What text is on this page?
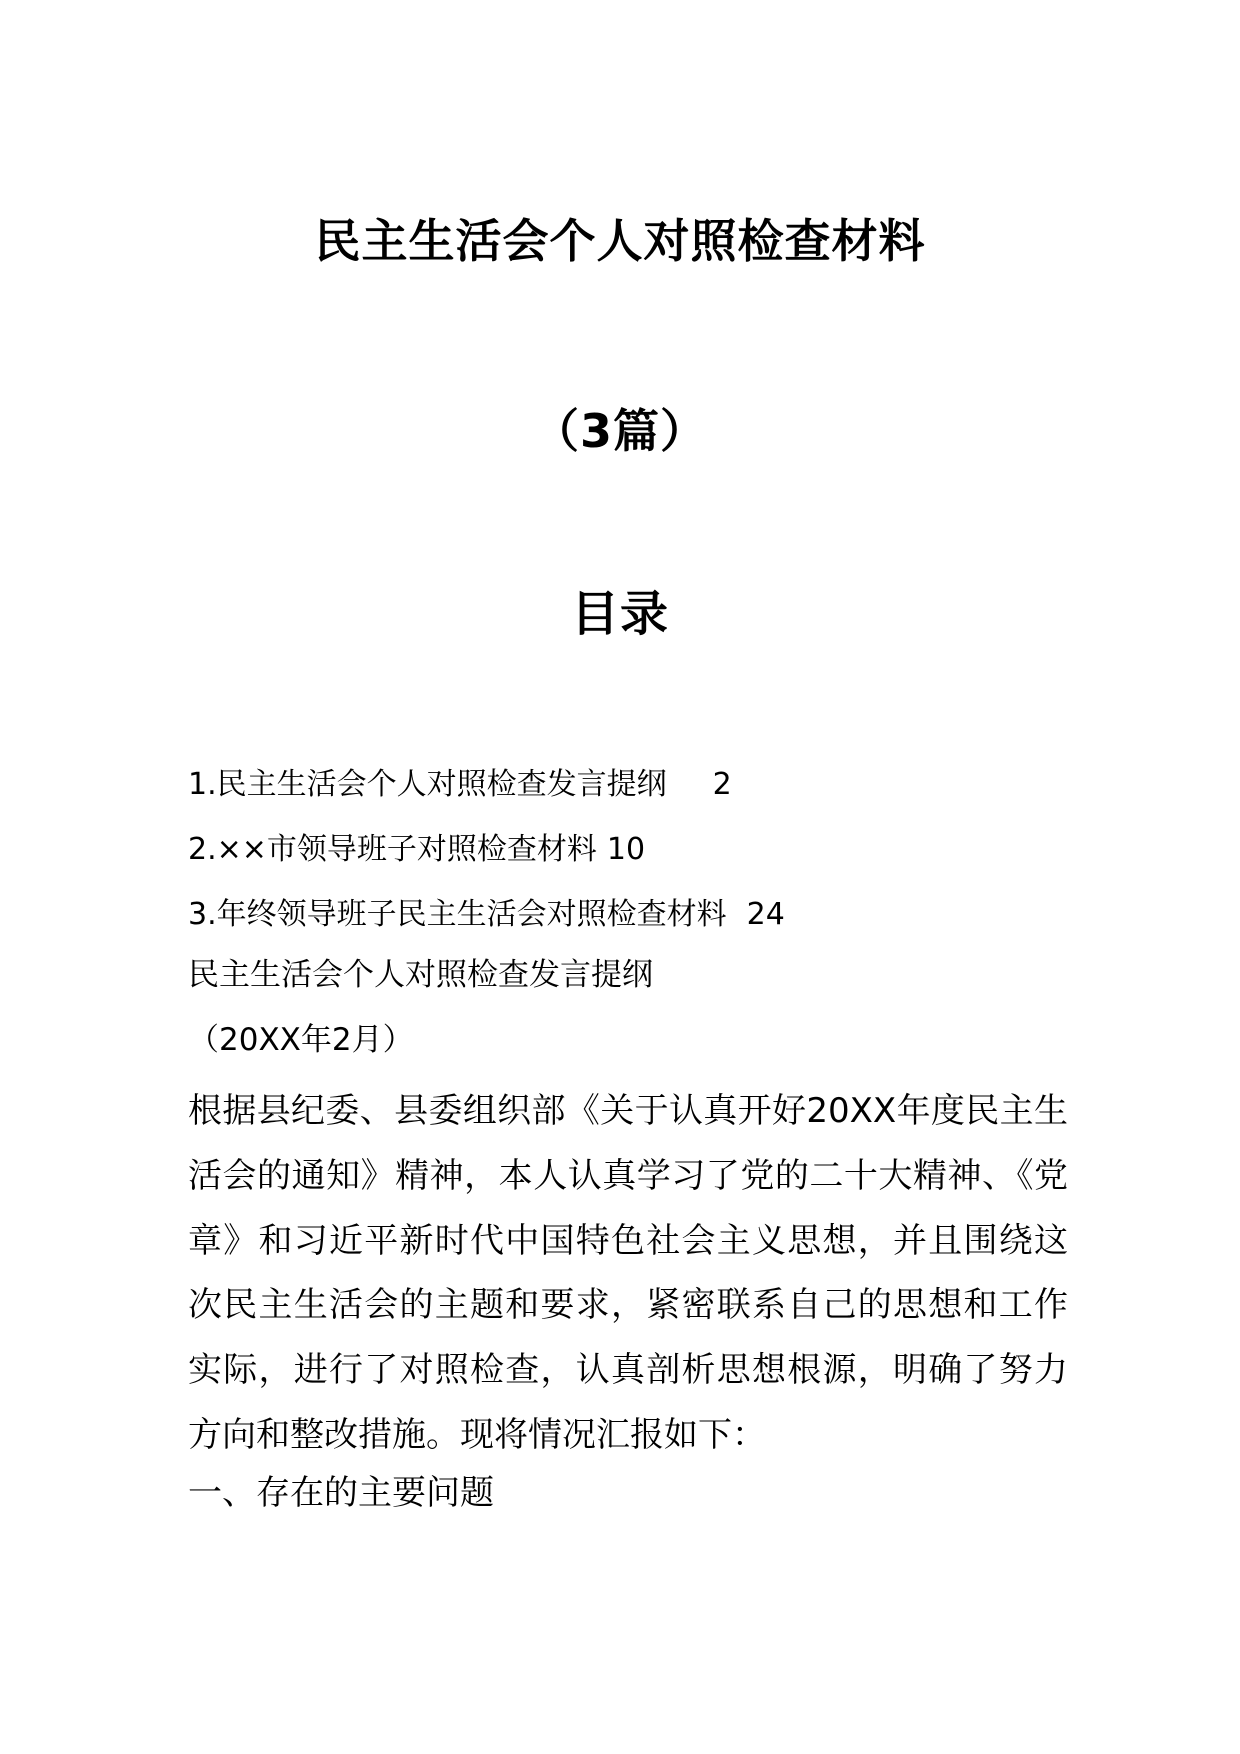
民主生活会个人对照检查材料
（3篇）
目录
1.民主生活会个人对照检查发言提纲 2
2.××市领导班子对照检查材料 10
3.年终领导班子民主生活会对照检查材料 24
民主生活会个人对照检查发言提纲
（20XX年2月）

根据县纪委、县委组织部《关于认真开好20XX年度民主生活会的通知》精神，本人认真学习了党的二十大精神、《党章》和习近平新时代中国特色社会主义思想，并且围绕这次民主生活会的主题和要求，紧密联系自己的思想和工作实际，进行了对照检查，认真剖析思想根源，明确了努力方向和整改措施。现将情况汇报如下：

一、存在的主要问题
